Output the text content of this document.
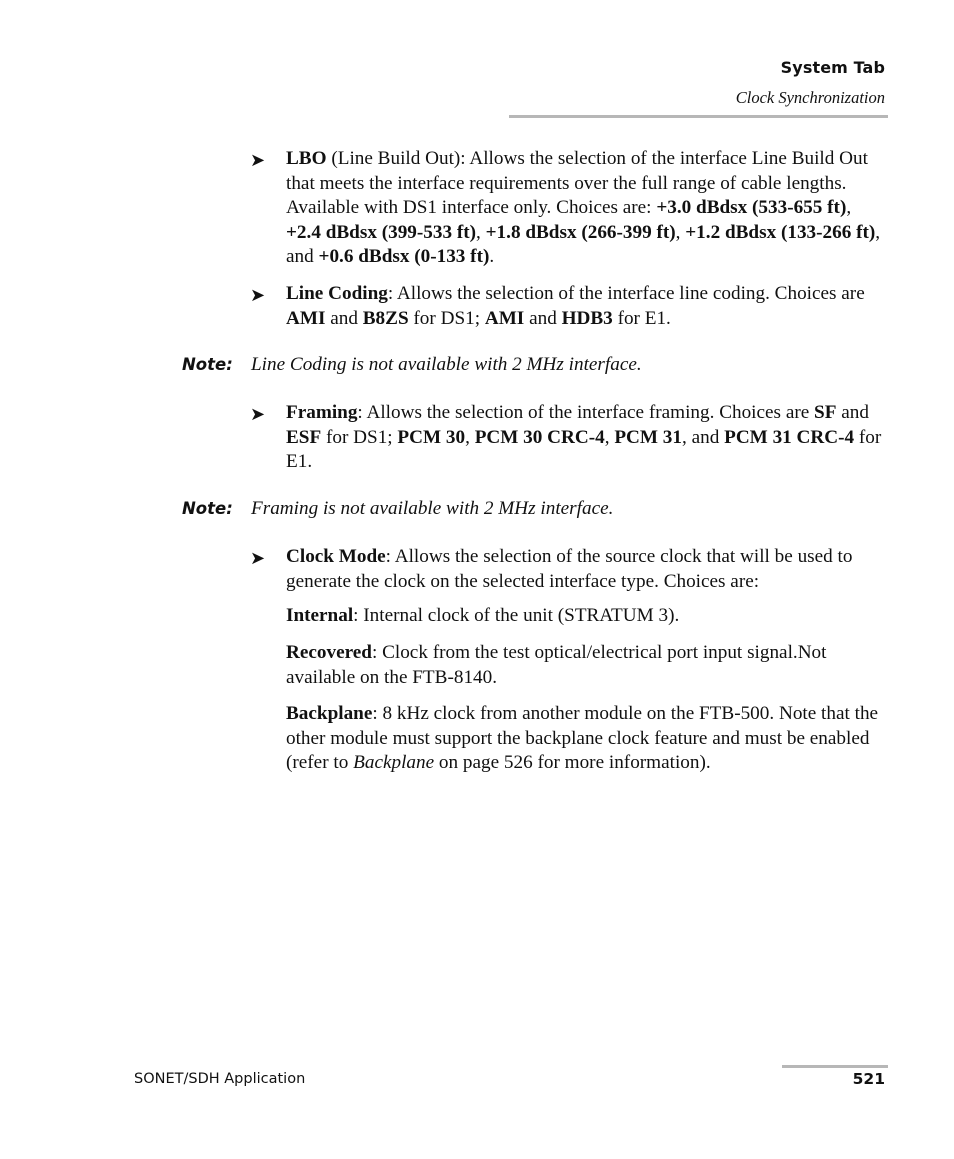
System Tab
Clock Synchronization
➤ LBO (Line Build Out): Allows the selection of the interface Line Build Out that meets the interface requirements over the full range of cable lengths. Available with DS1 interface only. Choices are: +3.0 dBdsx (533-655 ft), +2.4 dBdsx (399-533 ft), +1.8 dBdsx (266-399 ft), +1.2 dBdsx (133-266 ft), and +0.6 dBdsx (0-133 ft).
➤ Line Coding: Allows the selection of the interface line coding. Choices are AMI and B8ZS for DS1; AMI and HDB3 for E1.
Note: Line Coding is not available with 2 MHz interface.
➤ Framing: Allows the selection of the interface framing. Choices are SF and ESF for DS1; PCM 30, PCM 30 CRC-4, PCM 31, and PCM 31 CRC-4 for E1.
Note: Framing is not available with 2 MHz interface.
➤ Clock Mode: Allows the selection of the source clock that will be used to generate the clock on the selected interface type. Choices are:
Internal: Internal clock of the unit (STRATUM 3).
Recovered: Clock from the test optical/electrical port input signal.Not available on the FTB-8140.
Backplane: 8 kHz clock from another module on the FTB-500. Note that the other module must support the backplane clock feature and must be enabled (refer to Backplane on page 526 for more information).
SONET/SDH Application	521
